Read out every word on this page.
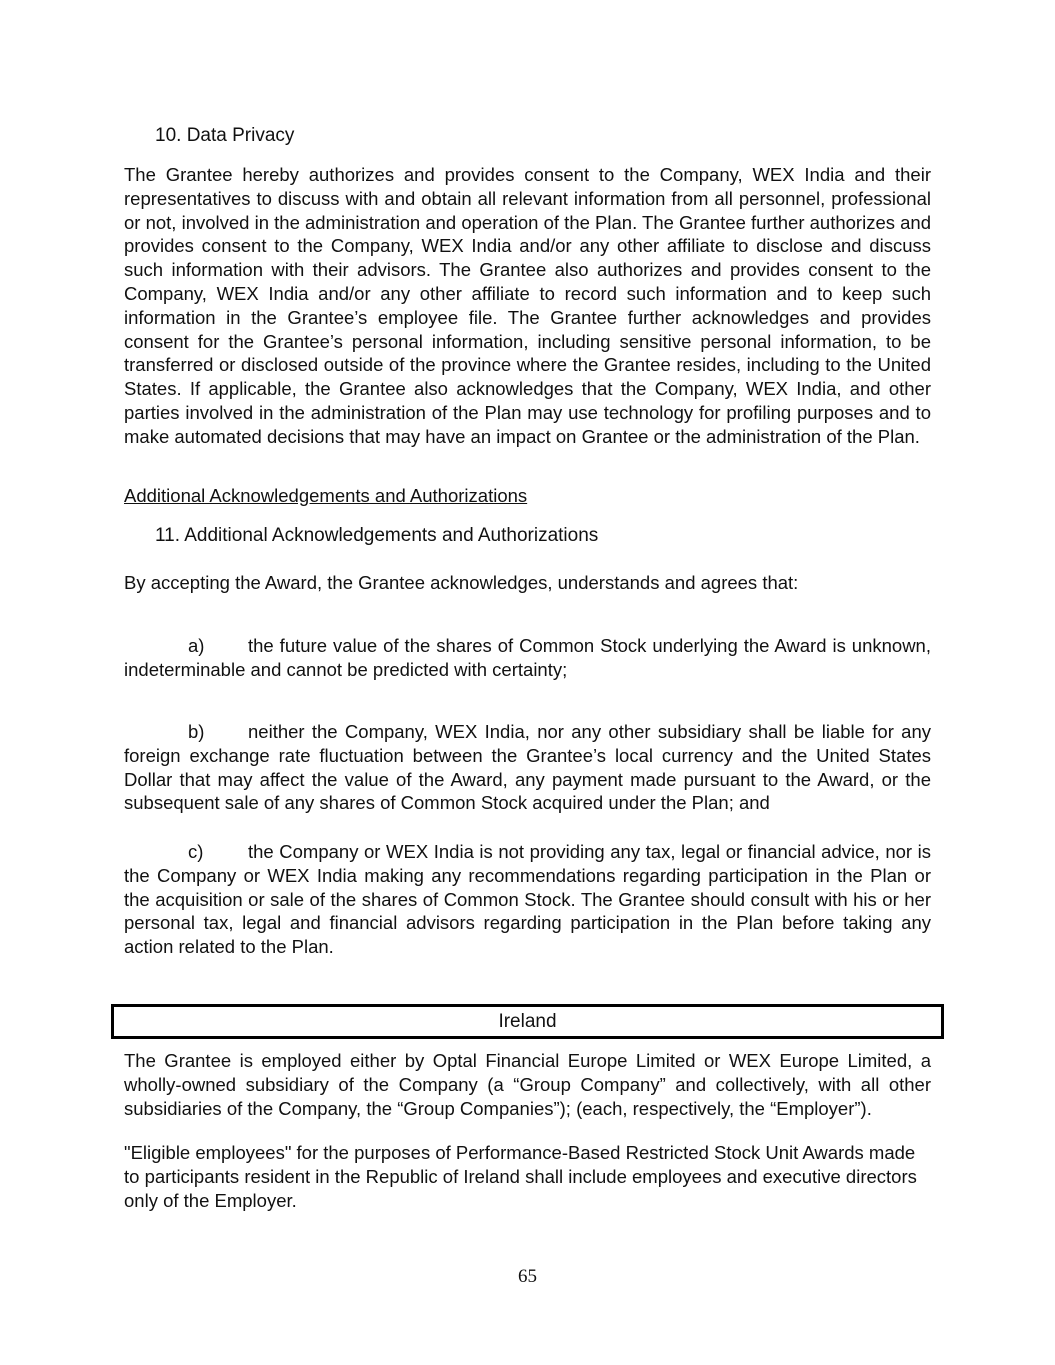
10. Data Privacy

The Grantee hereby authorizes and provides consent to the Company, WEX India and their representatives to discuss with and obtain all relevant information from all personnel, professional or not, involved in the administration and operation of the Plan. The Grantee further authorizes and provides consent to the Company, WEX India and/or any other affiliate to disclose and discuss such information with their advisors. The Grantee also authorizes and provides consent to the Company, WEX India and/or any other affiliate to record such information and to keep such information in the Grantee’s employee file. The Grantee further acknowledges and provides consent for the Grantee’s personal information, including sensitive personal information, to be transferred or disclosed outside of the province where the Grantee resides, including to the United States. If applicable, the Grantee also acknowledges that the Company, WEX India, and other parties involved in the administration of the Plan may use technology for profiling purposes and to make automated decisions that may have an impact on Grantee or the administration of the Plan.

Additional Acknowledgements and Authorizations
11. Additional Acknowledgements and Authorizations

By accepting the Award, the Grantee acknowledges, understands and agrees that:

a) the future value of the shares of Common Stock underlying the Award is unknown, indeterminable and cannot be predicted with certainty;

b) neither the Company, WEX India, nor any other subsidiary shall be liable for any foreign exchange rate fluctuation between the Grantee’s local currency and the United States Dollar that may affect the value of the Award, any payment made pursuant to the Award, or the subsequent sale of any shares of Common Stock acquired under the Plan; and

c) the Company or WEX India is not providing any tax, legal or financial advice, nor is the Company or WEX India making any recommendations regarding participation in the Plan or the acquisition or sale of the shares of Common Stock. The Grantee should consult with his or her personal tax, legal and financial advisors regarding participation in the Plan before taking any action related to the Plan.

The Grantee is employed either by Optal Financial Europe Limited or WEX Europe Limited, a wholly-owned subsidiary of the Company (a “Group Company” and collectively, with all other subsidiaries of the Company, the “Group Companies”); (each, respectively, the “Employer”).

"Eligible employees" for the purposes of Performance-Based Restricted Stock Unit Awards made to participants resident in the Republic of Ireland shall include employees and executive directors only of the Employer.

Ireland
65
